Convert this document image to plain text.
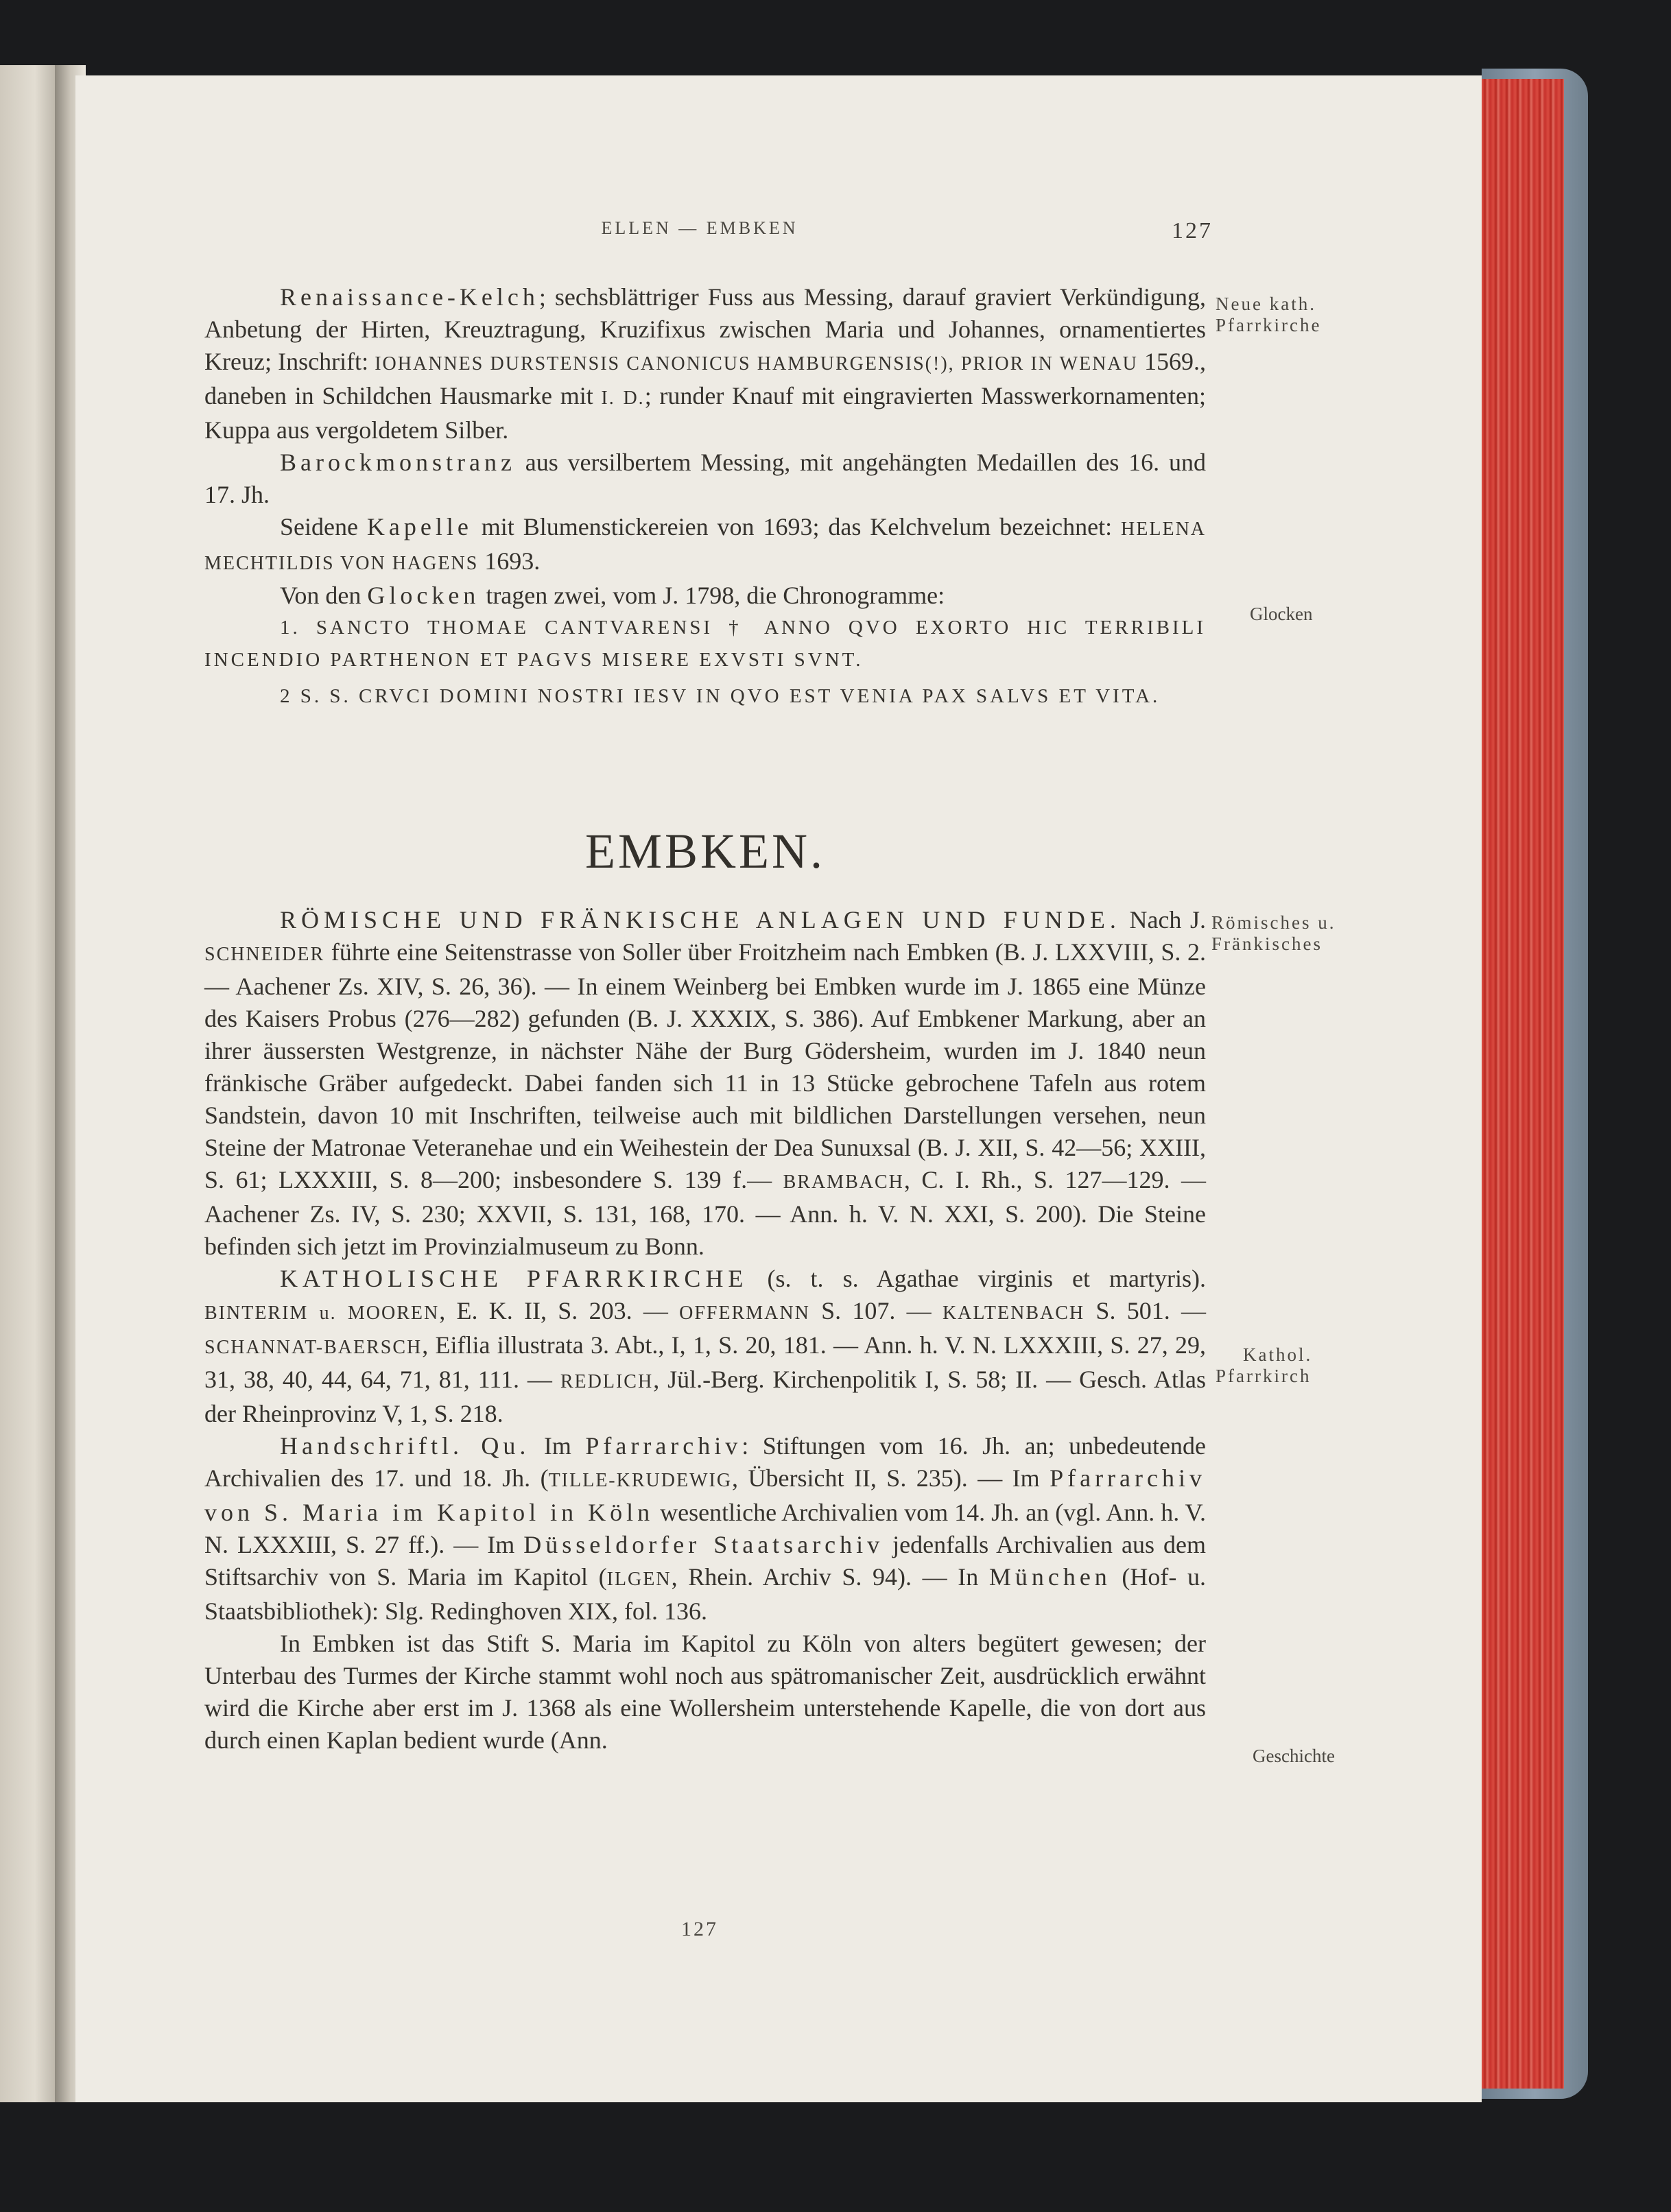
ELLEN — EMBKEN	127

Renaissance-Kelch; sechsblättriger Fuss aus Messing, darauf graviert Verkündigung, Anbetung der Hirten, Kreuztragung, Kruzifixus zwischen Maria und Johannes, ornamentiertes Kreuz; Inschrift: IOHANNES DURSTENSIS CANONICUS HAMBURGENSIS(!), PRIOR IN WENAU 1569., daneben in Schildchen Hausmarke mit I. D.; runder Knauf mit eingravierten Masswerkornamenten; Kuppa aus vergoldetem Silber.

Barockmonstranz aus versilbertem Messing, mit angehängten Medaillen des 16. und 17. Jh.

Seidene Kapelle mit Blumenstickereien von 1693; das Kelchvelum bezeichnet: HELENA MECHTILDIS VON HAGENS 1693.

Von den Glocken tragen zwei, vom J. 1798, die Chronogramme:

1. SANCTO THOMAE CANTVARENSI † ANNO QVO EXORTO HIC TERRIBILI INCENDIO PARTHENON ET PAGVS MISERE EXVSTI SVNT.

2 S. S. CRVCI DOMINI NOSTRI IESV IN QVO EST VENIA PAX SALVS ET VITA.

EMBKEN.

RÖMISCHE UND FRÄNKISCHE ANLAGEN UND FUNDE. Nach J. SCHNEIDER führte eine Seitenstrasse von Soller über Froitzheim nach Embken (B. J. LXXVIII, S. 2. — Aachener Zs. XIV, S. 26, 36). — In einem Weinberg bei Embken wurde im J. 1865 eine Münze des Kaisers Probus (276—282) gefunden (B. J. XXXIX, S. 386). Auf Embkener Markung, aber an ihrer äussersten Westgrenze, in nächster Nähe der Burg Gödersheim, wurden im J. 1840 neun fränkische Gräber aufgedeckt. Dabei fanden sich 11 in 13 Stücke gebrochene Tafeln aus rotem Sandstein, davon 10 mit Inschriften, teilweise auch mit bildlichen Darstellungen versehen, neun Steine der Matronae Veteranehae und ein Weihestein der Dea Sunuxsal (B. J. XII, S. 42—56; XXIII, S. 61; LXXXIII, S. 8—200; insbesondere S. 139 f.— BRAMBACH, C. I. Rh., S. 127—129. — Aachener Zs. IV, S. 230; XXVII, S. 131, 168, 170. — Ann. h. V. N. XXI, S. 200). Die Steine befinden sich jetzt im Provinzialmuseum zu Bonn.

KATHOLISCHE PFARRKIRCHE (s. t. s. Agathae virginis et martyris). BINTERIM u. MOOREN, E. K. II, S. 203. — OFFERMANN S. 107. — KALTENBACH S. 501. — SCHANNAT-BAERSCH, Eiflia illustrata 3. Abt., I, 1, S. 20, 181. — Ann. h. V. N. LXXXIII, S. 27, 29, 31, 38, 40, 44, 64, 71, 81, 111. — REDLICH, Jül.-Berg. Kirchenpolitik I, S. 58; II. — Gesch. Atlas der Rheinprovinz V, 1, S. 218.

Handschriftl. Qu. Im Pfarrarchiv: Stiftungen vom 16. Jh. an; unbedeutende Archivalien des 17. und 18. Jh. (TILLE-KRUDEWIG, Übersicht II, S. 235). — Im Pfarrarchiv von S. Maria im Kapitol in Köln wesentliche Archivalien vom 14. Jh. an (vgl. Ann. h. V. N. LXXXIII, S. 27 ff.). — Im Düsseldorfer Staatsarchiv jedenfalls Archivalien aus dem Stiftsarchiv von S. Maria im Kapitol (ILGEN, Rhein. Archiv S. 94). — In München (Hof- u. Staatsbibliothek): Slg. Redinghoven XIX, fol. 136.

In Embken ist das Stift S. Maria im Kapitol zu Köln von alters begütert gewesen; der Unterbau des Turmes der Kirche stammt wohl noch aus spätromanischer Zeit, ausdrücklich erwähnt wird die Kirche aber erst im J. 1368 als eine Wollersheim unterstehende Kapelle, die von dort aus durch einen Kaplan bedient wurde (Ann.

Neue kath.
Pfarrkirche
Glocken
Römisches u.
Fränkisches
Kathol.
Pfarrkirch
Geschichte
127
